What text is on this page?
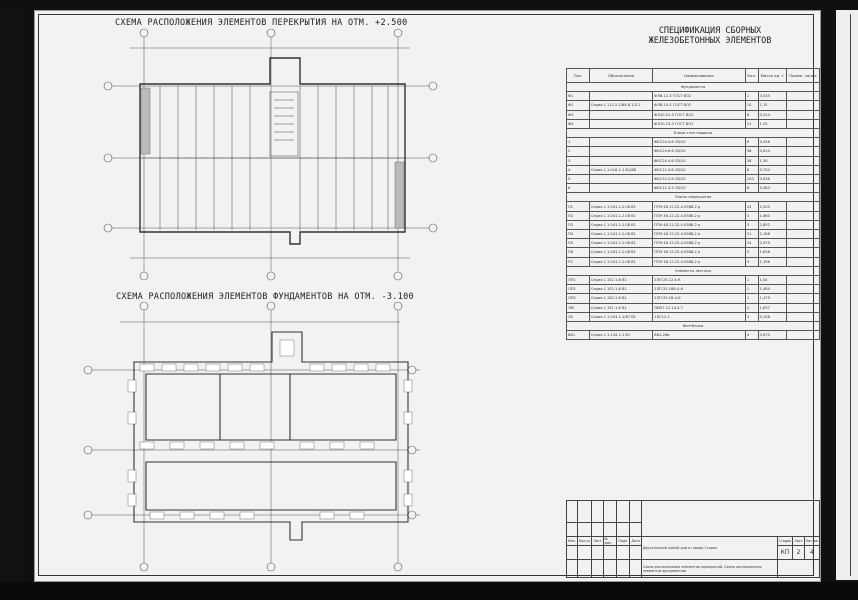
СХЕМА РАСПОЛОЖЕНИЯ ЭЛЕМЕНТОВ ПЕРЕКРЫТИЯ НА ОТМ. +2.500
СХЕМА РАСПОЛОЖЕНИЯ ЭЛЕМЕНТОВ ФУНДАМЕНТОВ НА ОТМ. -3.100
СПЕЦИФИКАЦИЯ СБОРНЫХ
ЖЕЛЕЗОБЕТОННЫХ ЭЛЕМЕНТОВ
Поз.	Обозначение	Наименование	Кол.	Масса ед. т	Приме- чание
Фундаменты					
Ф1		ФЛ8.12-3 ГОСТ ВО2	1	0,535	
Ф2	Серия 1.112.5-1/88 В.1/3.2	ФЛ8.24-3 ГОСТ ВО2	10	1,15	
Ф3		ФЛ10.12-3 ГОСТ ВО2	6	0,524	
Ф4		ФЛ10.24-3 ГОСТ ВО2	21	1,52	
Блоки стен подвала					
1		ФБС24.4.6 СВ/10	6	0,438	
2		ФБС24.6.6 СВ/10	38	0,614	
3		ФБС24.4.6 СВ/10	38	1,30	
4	Серия 1.1.016.1-1 В1/88	ФБС12.4.6 СВ/10	8	0,704	
5		ФБС12.5.6 СВ/10	100	0,638	
6		ФБС12.4.3 СВ/10	6	0,383	
Плиты перекрытия					
П1	Серия 1.1.041.1-2.08 В1	ПТМ 48.15.22-4.0588-2 р	24	2,200	
П2	Серия 1.1.041.1-2.08 В1	ПТМ 36.12.22-4.0588-2 р	3	1,860	
П3	Серия 1.1.041.1-2.08 В1	ПТМ 48.12.22-4.0588-2 р	3	2,852	
П4	Серия 1.1.041.1-2.08 В1	ПТМ 48.15.22-4.0588-2 р	21	2,168	
П5	Серия 1.1.041.1-2.08 В1	ПТМ 48.15.22-4.0588-2 р	24	2,975	
П6	Серия 1.1.041.1-2.08 В1	ПТМ 38.15.22-4.0588-2 р	3	1,638	
П7	Серия 1.1.041.1-2.08 В1	ПТМ 38.12.22-4.0588-2 р	3	1,196	
Элементы лестниц					
ЛП1	Серия 1.152.1-8 В1	2ЛП 25.12.4-К	1	1,04	
ЛП2	Серия 1.152.1-8 В1	2ЛП 25.18В-4-К	1	1,480	
ЛП3	Серия 1.152.1-8 В1	2ЛП 25.18-4-К	1	1,479	
ЛМ	Серия 1.151.1-6 В1	ЛМ27.12.14-4-Т	2	1,637	
ЛС	Серия 1.1.053.1-1/87 В1	1ЛС12-1	3	0,108	
Вентблоки					
ВБ1	Серия 1.1.134.1-1 В1	ВБ4-28в	4	0,870	

Изм.	Кол.уч	Лист	№ док.	Подп.	Дата	Двухэтажный жилой дом в городе Старая	Стадия	Лист	Листов
							КП	2	4
						Схема расположения элементов перекрытий. Схема расположения элементов фундаментов			
